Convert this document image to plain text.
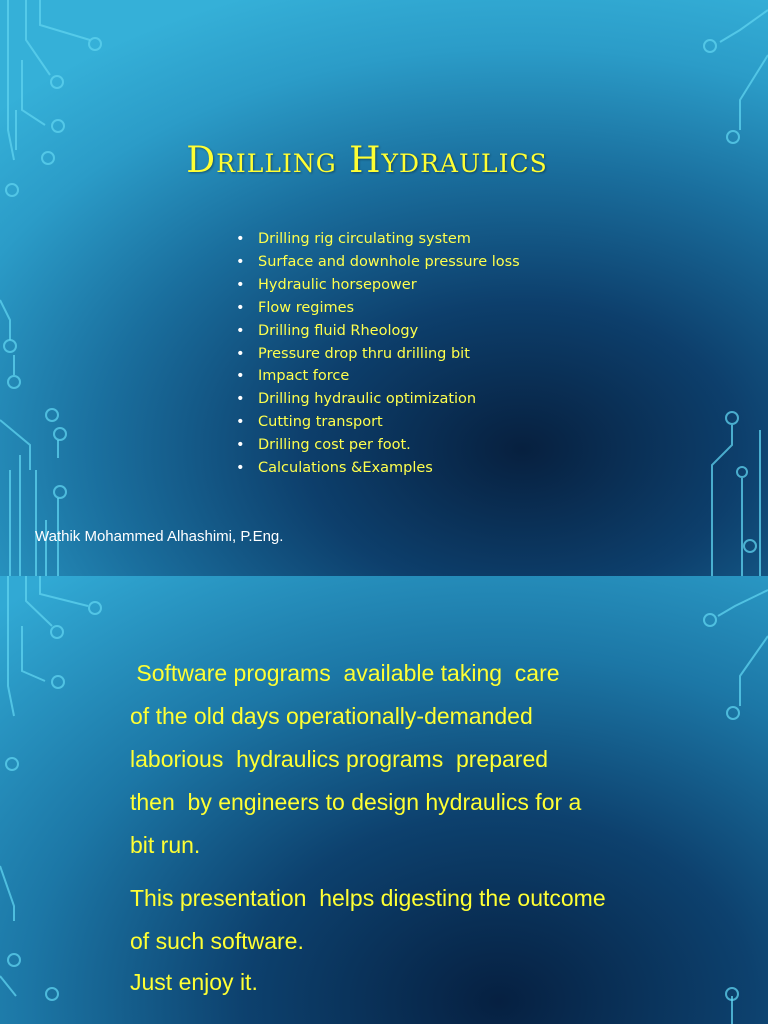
Drilling Hydraulics
• Drilling rig circulating system
• Surface and downhole pressure loss
• Hydraulic horsepower
• Flow regimes
• Drilling fluid Rheology
• Pressure drop thru drilling bit
• Impact force
• Drilling hydraulic optimization
• Cutting transport
• Drilling cost per foot.
• Calculations &Examples
Wathik Mohammed Alhashimi, P.Eng.
Software programs  available taking  care
of the old days operationally-demanded
laborious  hydraulics programs  prepared
then  by engineers to design hydraulics for a
bit run.
This presentation  helps digesting the outcome
of such software.
Just enjoy it.
